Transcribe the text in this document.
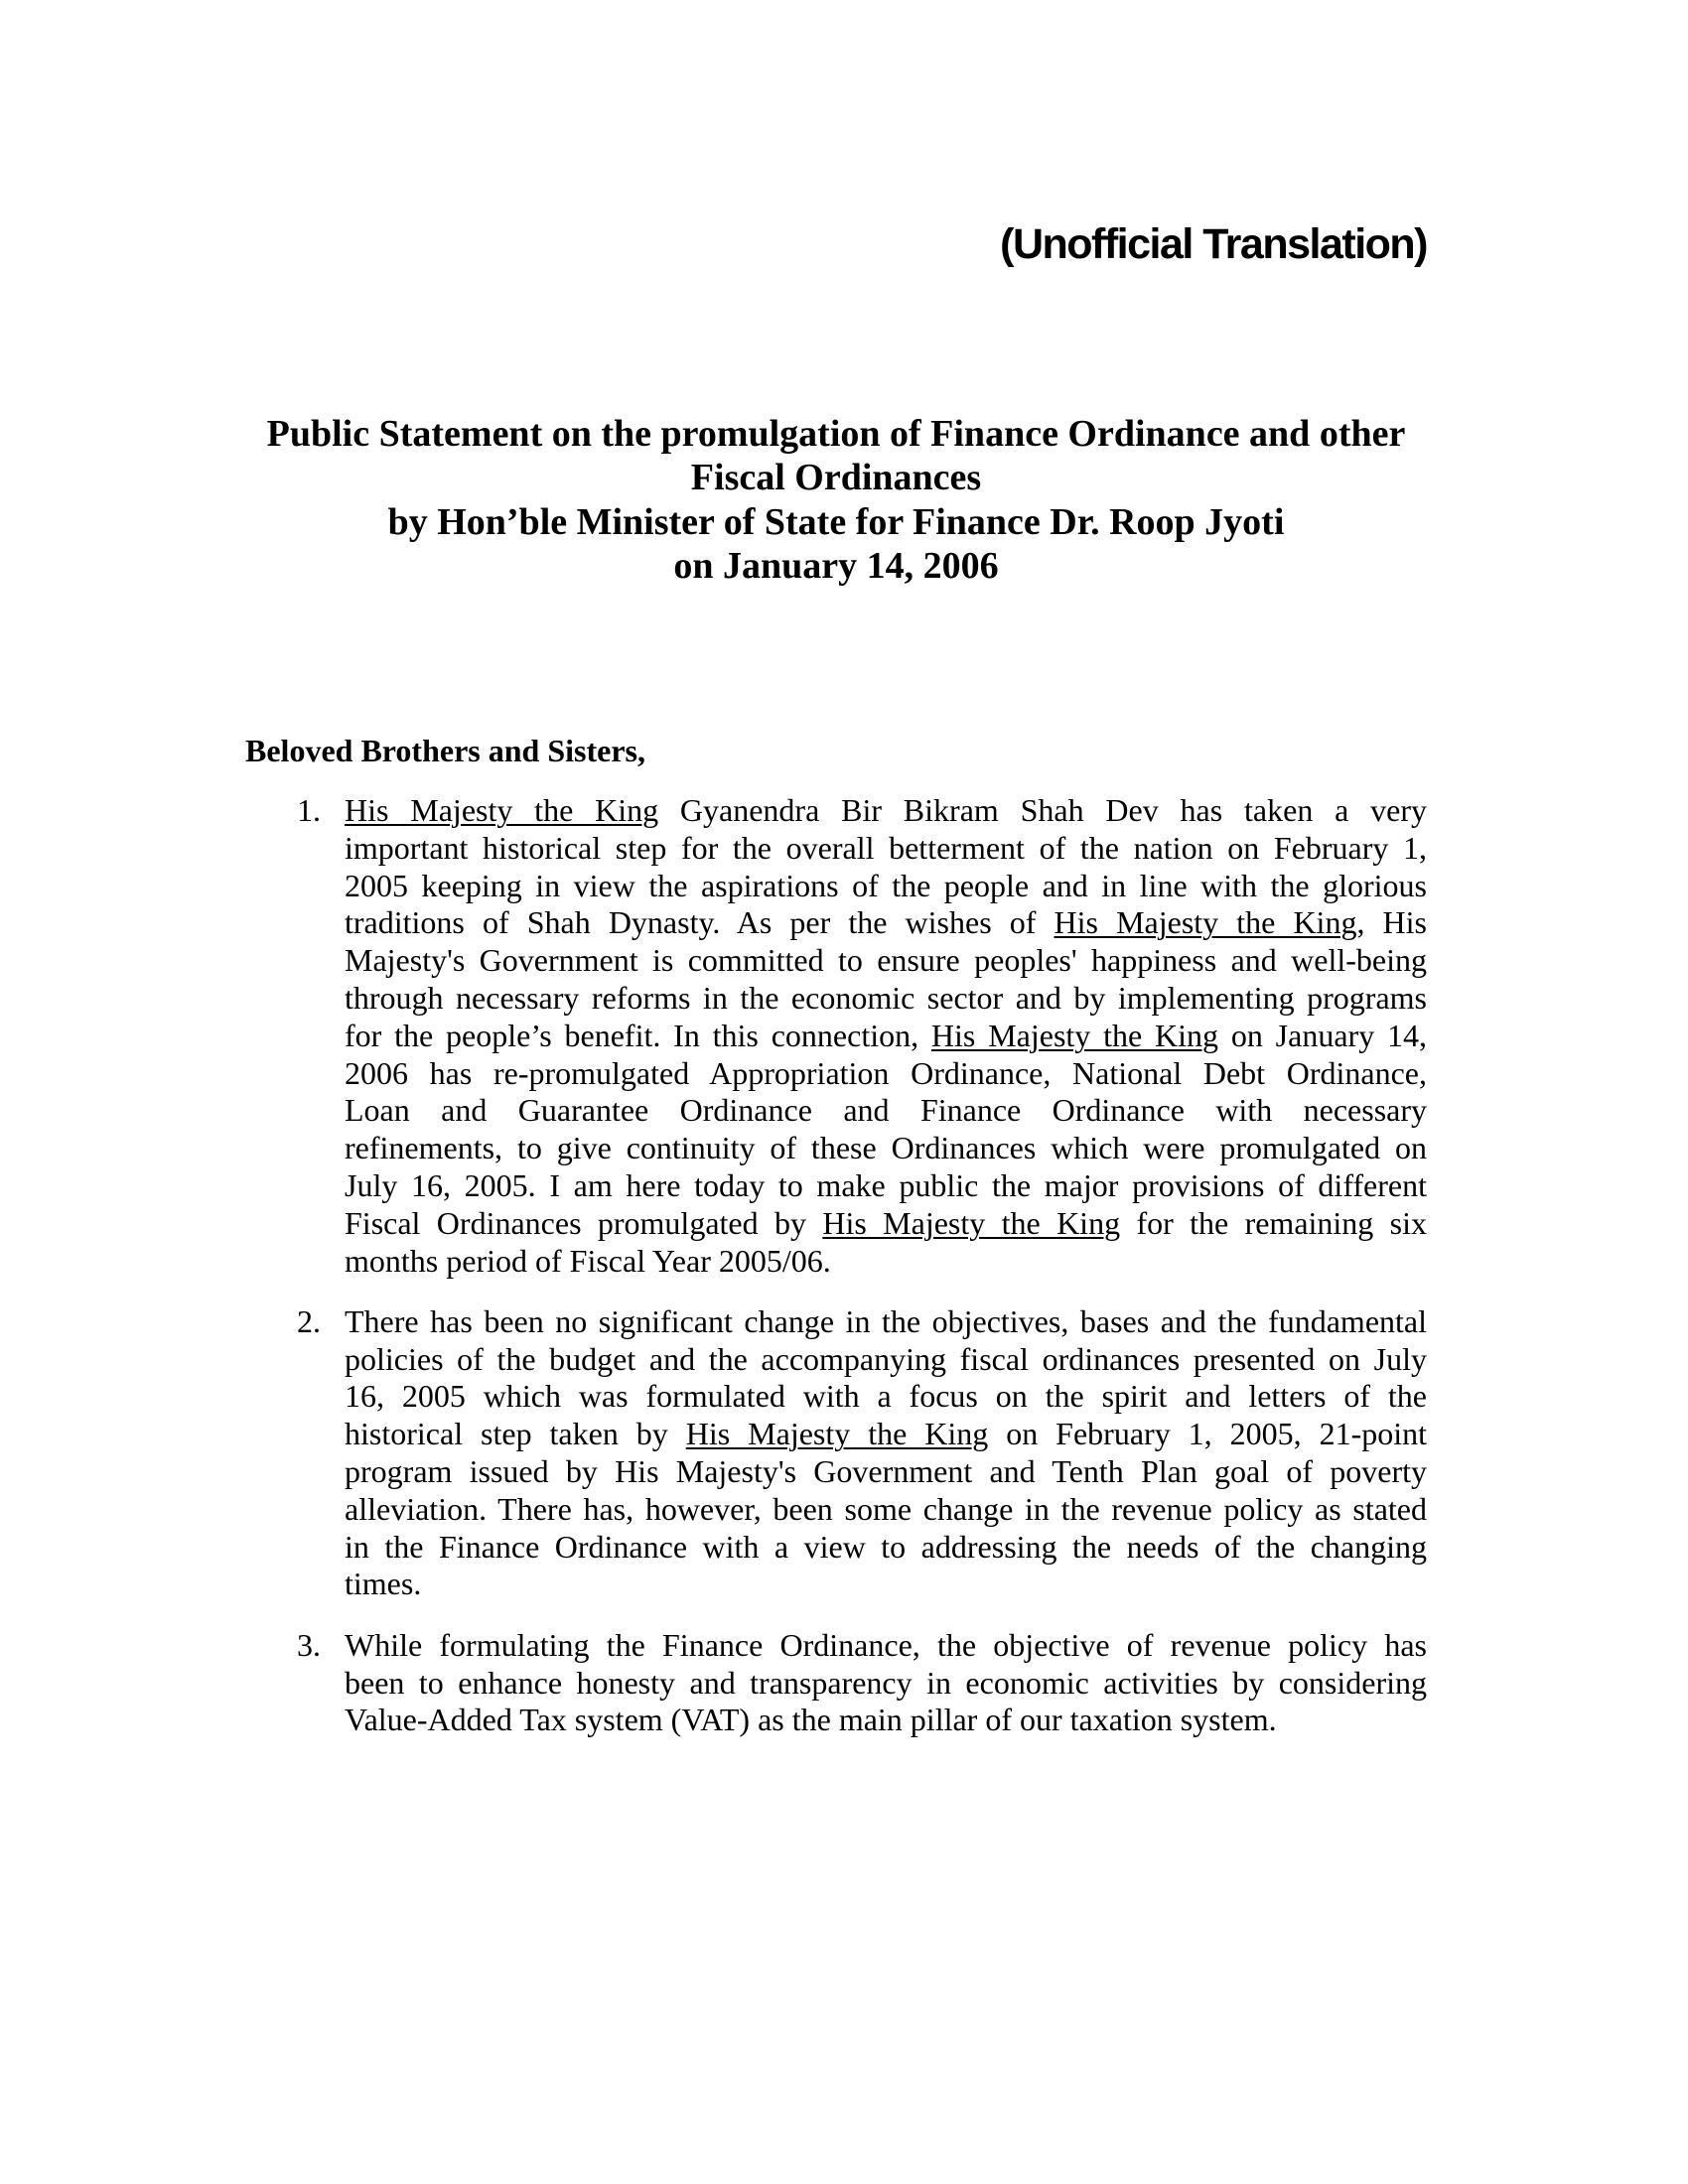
(Unofficial Translation)
Public Statement on the promulgation of Finance Ordinance and other
Fiscal Ordinances
by Hon’ble Minister of State for Finance Dr. Roop Jyoti
on January 14, 2006
Beloved Brothers and Sisters,
1. His Majesty the King Gyanendra Bir Bikram Shah Dev has taken a very
important historical step for the overall betterment of the nation on February 1,
2005 keeping in view the aspirations of the people and in line with the glorious
traditions of Shah Dynasty. As per the wishes of His Majesty the King, His
Majesty's Government is committed to ensure peoples' happiness and well-being
through necessary reforms in the economic sector and by implementing programs
for the people’s benefit. In this connection, His Majesty the King on January 14,
2006 has re-promulgated Appropriation Ordinance, National Debt Ordinance,
Loan and Guarantee Ordinance and Finance Ordinance with necessary
refinements, to give continuity of these Ordinances which were promulgated on
July 16, 2005. I am here today to make public the major provisions of different
Fiscal Ordinances promulgated by His Majesty the King for the remaining six
months period of Fiscal Year 2005/06.
2. There has been no significant change in the objectives, bases and the fundamental
policies of the budget and the accompanying fiscal ordinances presented on July
16, 2005 which was formulated with a focus on the spirit and letters of the
historical step taken by His Majesty the King on February 1, 2005, 21-point
program issued by His Majesty's Government and Tenth Plan goal of poverty
alleviation. There has, however, been some change in the revenue policy as stated
in the Finance Ordinance with a view to addressing the needs of the changing
times.
3. While formulating the Finance Ordinance, the objective of revenue policy has
been to enhance honesty and transparency in economic activities by considering
Value-Added Tax system (VAT) as the main pillar of our taxation system.
